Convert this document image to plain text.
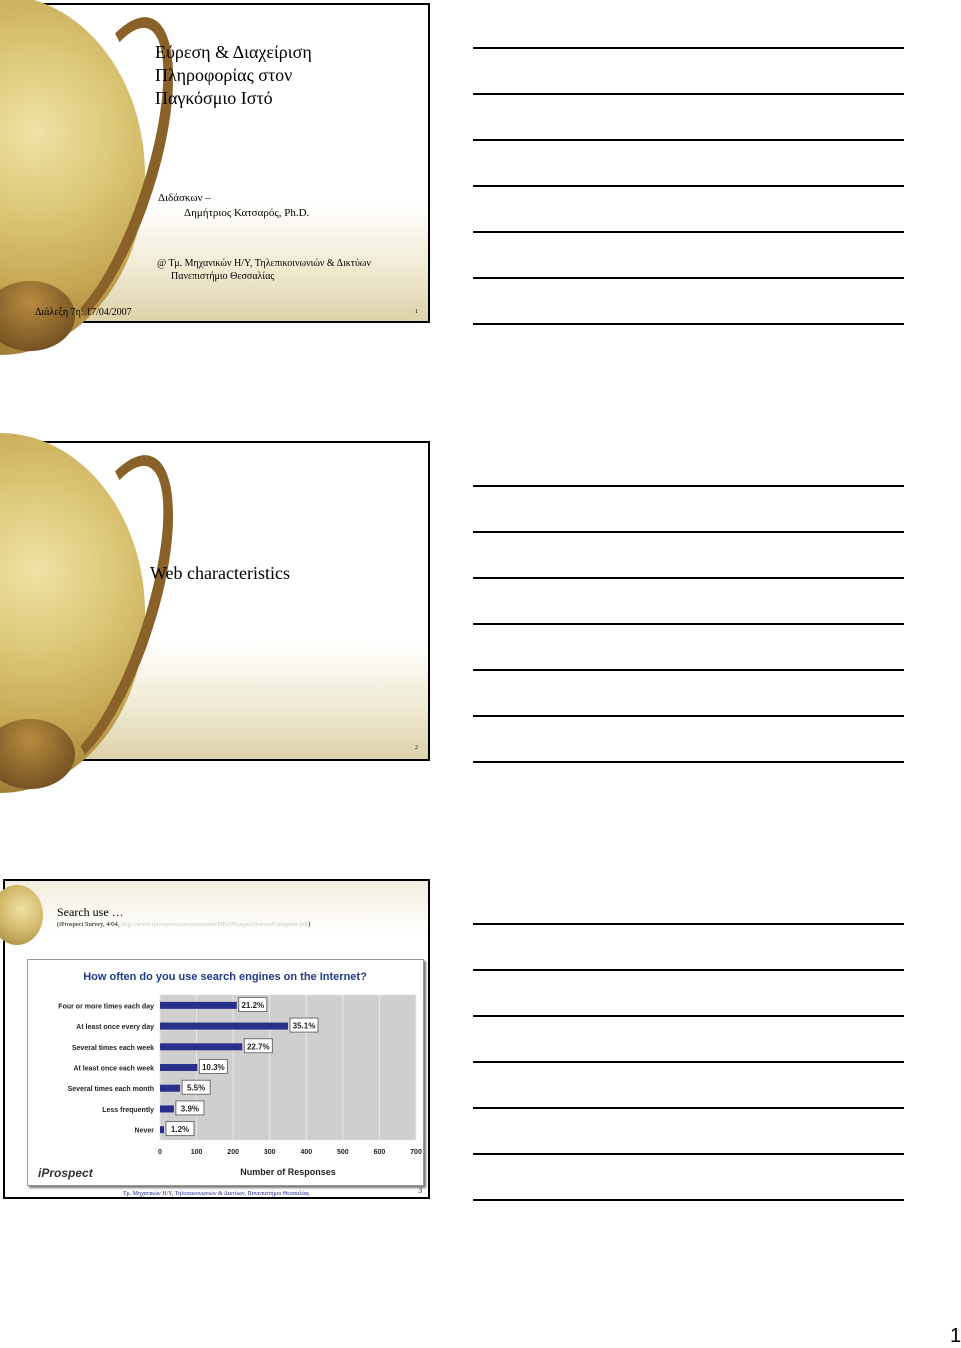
Εύρεση & Διαχείριση
Πληροφορίας στον
Παγκόσμιο Ιστό
Διδάσκων –
Δημήτριος Κατσαρός, Ph.D.
@ Τμ. Μηχανικών Η/Υ, Τηλεπικοινωνιών & Δικτύων
Πανεπιστήμιο Θεσσαλίας
Διάλεξη 7η: 17/04/2007	1
Web characteristics
2
Search use …
(iProspect Survey, 4/04, http://www.iprospect.com/premiumPDFs/iProspectSurveyComplete.pdf)
How often do you use search engines on the Internet?
0	100	200	300	400	500	600	700
Four or more times each day	21.2%
At least once every day	35.1%
Several times each week	22.7%
At least once each week	10.3%
Several times each month	5.5%
Less frequently	3.9%
Never 1.2%
Number of Responses
iProspect
Τμ. Μηχανικών Η/Υ, Τηλεπικοινωνιών & Δικτύων, Πανεπιστήμιο Θεσσαλίας	3
1
